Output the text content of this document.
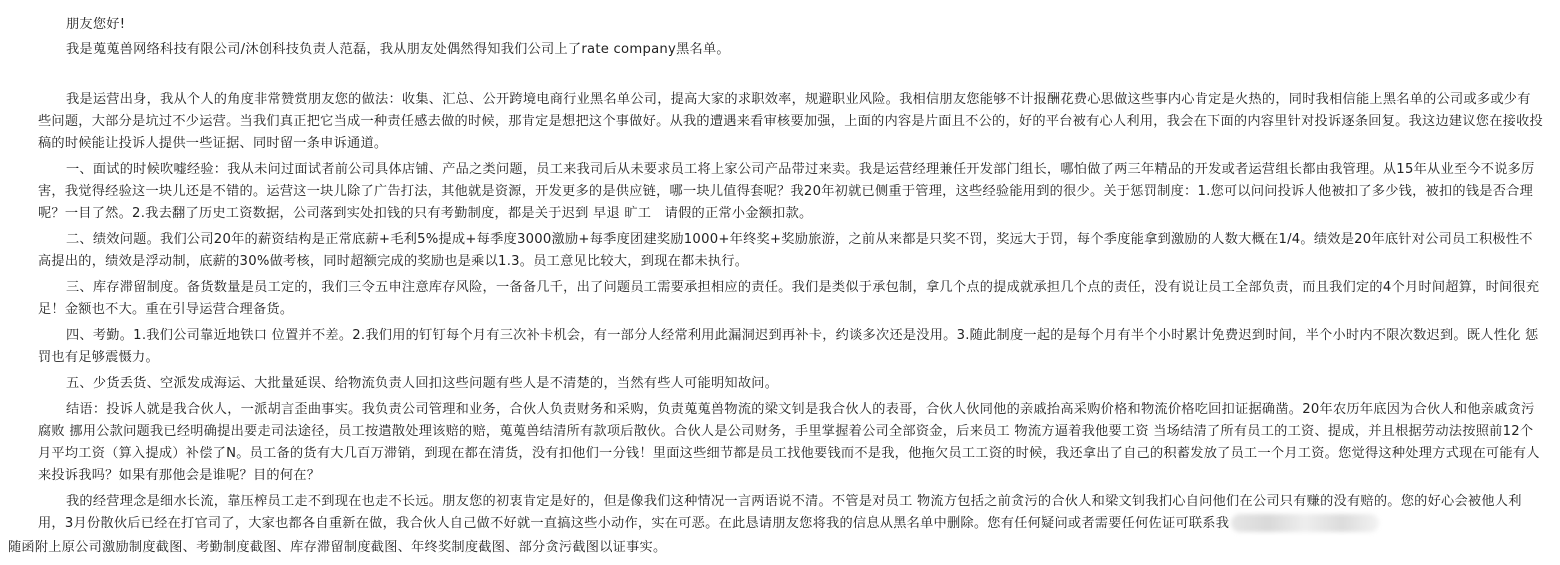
朋友您好!

我是蒐蒐兽网络科技有限公司/沐创科技负责人范磊，我从朋友处偶然得知我们公司上了rate company黑名单。

我是运营出身，我从个人的角度非常赞赏朋友您的做法：收集、汇总、公开跨境电商行业黑名单公司，提高大家的求职效率，规避职业风险。我相信朋友您能够不计报酬花费心思做这些事内心肯定是火热的，同时我相信能上黑名单的公司或多或少有些问题，大部分是坑过不少运营。当我们真正把它当成一种责任感去做的时候，那肯定是想把这个事做好。从我的遭遇来看审核要加强，上面的内容是片面且不公的，好的平台被有心人利用，我会在下面的内容里针对投诉逐条回复。我这边建议您在接收投稿的时候能让投诉人提供一些证据、同时留一条申诉通道。

一、面试的时候吹嘘经验：我从未问过面试者前公司具体店铺、产品之类问题，员工来我司后从未要求员工将上家公司产品带过来卖。我是运营经理兼任开发部门组长，哪怕做了两三年精品的开发或者运营组长都由我管理。从15年从业至今不说多厉害，我觉得经验这一块儿还是不错的。运营这一块儿除了广告打法，其他就是资源，开发更多的是供应链，哪一块儿值得套呢？我20年初就已侧重于管理，这些经验能用到的很少。关于惩罚制度：1.您可以问问投诉人他被扣了多少钱，被扣的钱是否合理呢？一目了然。2.我去翻了历史工资数据，公司落到实处扣钱的只有考勤制度，都是关于迟到 早退 旷工　请假的正常小金额扣款。

二、绩效问题。我们公司20年的薪资结构是正常底薪+毛利5%提成+每季度3000激励+每季度团建奖励1000+年终奖+奖励旅游，之前从来都是只奖不罚，奖远大于罚，每个季度能拿到激励的人数大概在1/4。绩效是20年底针对公司员工积极性不高提出的，绩效是浮动制，底薪的30%做考核，同时超额完成的奖励也是乘以1.3。员工意见比较大，到现在都未执行。

三、库存滞留制度。备货数量是员工定的，我们三令五申注意库存风险，一备备几千，出了问题员工需要承担相应的责任。我们是类似于承包制，拿几个点的提成就承担几个点的责任，没有说让员工全部负责，而且我们定的4个月时间超算，时间很充足！金额也不大。重在引导运营合理备货。

四、考勤。1.我们公司靠近地铁口 位置并不差。2.我们用的钉钉每个月有三次补卡机会，有一部分人经常利用此漏洞迟到再补卡，约谈多次还是没用。3.随此制度一起的是每个月有半个小时累计免费迟到时间，半个小时内不限次数迟到。既人性化 惩罚也有足够震慑力。

五、少货丢货、空派发成海运、大批量延误、给物流负责人回扣这些问题有些人是不清楚的，当然有些人可能明知故问。

结语：投诉人就是我合伙人，一派胡言歪曲事实。我负责公司管理和业务，合伙人负责财务和采购，负责蒐蒐兽物流的梁文钊是我合伙人的表哥，合伙人伙同他的亲戚抬高采购价格和物流价格吃回扣证据确凿。20年农历年底因为合伙人和他亲戚贪污腐败 挪用公款问题我已经明确提出要走司法途径，员工按遣散处理该赔的赔，蒐蒐兽结清所有款项后散伙。合伙人是公司财务，手里掌握着公司全部资金，后来员工 物流方逼着我他要工资 当场结清了所有员工的工资、提成，并且根据劳动法按照前12个月平均工资（算入提成）补偿了N。员工备的货有大几百万滞销，到现在都在清货，没有扣他们一分钱！里面这些细节都是员工找他要钱而不是我，他拖欠员工工资的时候，我还拿出了自己的积蓄发放了员工一个月工资。您觉得这种处理方式现在可能有人来投诉我吗？如果有那他会是谁呢？目的何在？

我的经营理念是细水长流，靠压榨员工走不到现在也走不长远。朋友您的初衷肯定是好的，但是像我们这种情况一言两语说不清。不管是对员工 物流方包括之前贪污的合伙人和梁文钊我扪心自问他们在公司只有赚的没有赔的。您的好心会被他人利用，3月份散伙后已经在打官司了，大家也都各自重新在做，我合伙人自己做不好就一直搞这些小动作，实在可恶。在此恳请朋友您将我的信息从黑名单中删除。您有任何疑问或者需要任何佐证可联系我

随函附上原公司激励制度截图、考勤制度截图、库存滞留制度截图、年终奖制度截图、部分贪污截图以证事实。
